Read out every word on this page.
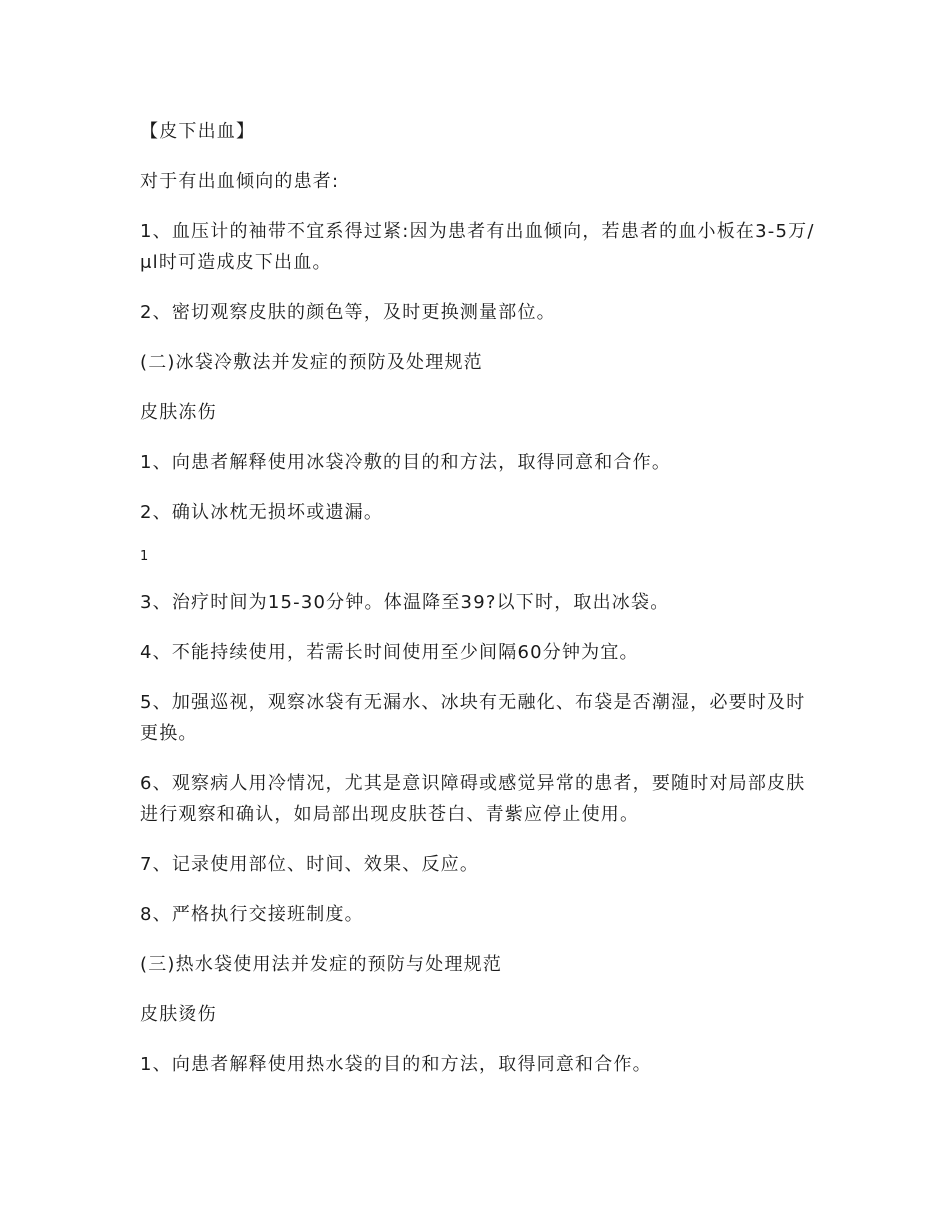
【皮下出血】

对于有出血倾向的患者:

1、血压计的袖带不宜系得过紧:因为患者有出血倾向，若患者的血小板在3-5万/μl时可造成皮下出血。

2、密切观察皮肤的颜色等，及时更换测量部位。

(二)冰袋冷敷法并发症的预防及处理规范

皮肤冻伤

1、向患者解释使用冰袋冷敷的目的和方法，取得同意和合作。

2、确认冰枕无损坏或遗漏。

1

3、治疗时间为15-30分钟。体温降至39?以下时，取出冰袋。

4、不能持续使用，若需长时间使用至少间隔60分钟为宜。

5、加强巡视，观察冰袋有无漏水、冰块有无融化、布袋是否潮湿，必要时及时更换。

6、观察病人用冷情况，尤其是意识障碍或感觉异常的患者，要随时对局部皮肤进行观察和确认，如局部出现皮肤苍白、青紫应停止使用。

7、记录使用部位、时间、效果、反应。

8、严格执行交接班制度。

(三)热水袋使用法并发症的预防与处理规范

皮肤烫伤

1、向患者解释使用热水袋的目的和方法，取得同意和合作。
